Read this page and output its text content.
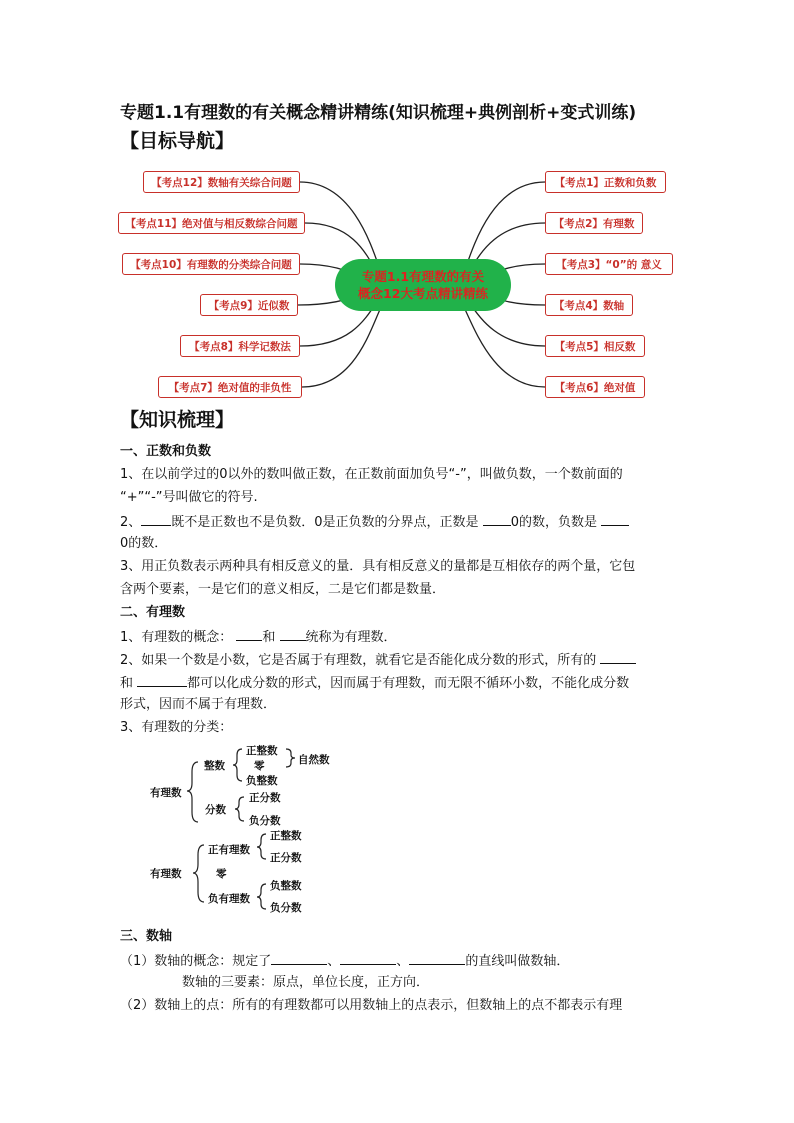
专题1.1有理数的有关概念精讲精练(知识梳理+典例剖析+变式训练)
【目标导航】
【考点12】数轴有关综合问题
【考点11】绝对值与相反数综合问题
【考点10】有理数的分类综合问题
【考点9】近似数
【考点8】科学记数法
【考点7】绝对值的非负性
【考点1】正数和负数
【考点2】有理数
【考点3】“0”的 意义
【考点4】数轴
【考点5】相反数
【考点6】绝对值
专题1.1有理数的有关
概念12大考点精讲精练
【知识梳理】
一、正数和负数
1、在以前学过的0以外的数叫做正数，在正数前面加负号“-”，叫做负数，一个数前面的
“+”“-”号叫做它的符号.
2、 既不是正数也不是负数．0是正负数的分界点，正数是 0的数，负数是
0的数．
3、用正负数表示两种具有相反意义的量．具有相反意义的量都是互相依存的两个量，它包
含两个要素，一是它们的意义相反，二是它们都是数量．
二、有理数
1、有理数的概念： 和 统称为有理数．
2、如果一个数是小数，它是否属于有理数，就看它是否能化成分数的形式，所有的
和	都可以化成分数的形式，因而属于有理数，而无限不循环小数，不能化成分数
形式，因而不属于有理数．
3、有理数的分类：
有理数
整数
正整数
零
负整数
自然数
分数
正分数
负分数
有理数
正有理数
正整数
正分数
零
负有理数
负整数
负分数
三、数轴
（1）数轴的概念：规定了	、	、	的直线叫做数轴．
数轴的三要素：原点，单位长度，正方向．
（2）数轴上的点：所有的有理数都可以用数轴上的点表示，但数轴上的点不都表示有理
